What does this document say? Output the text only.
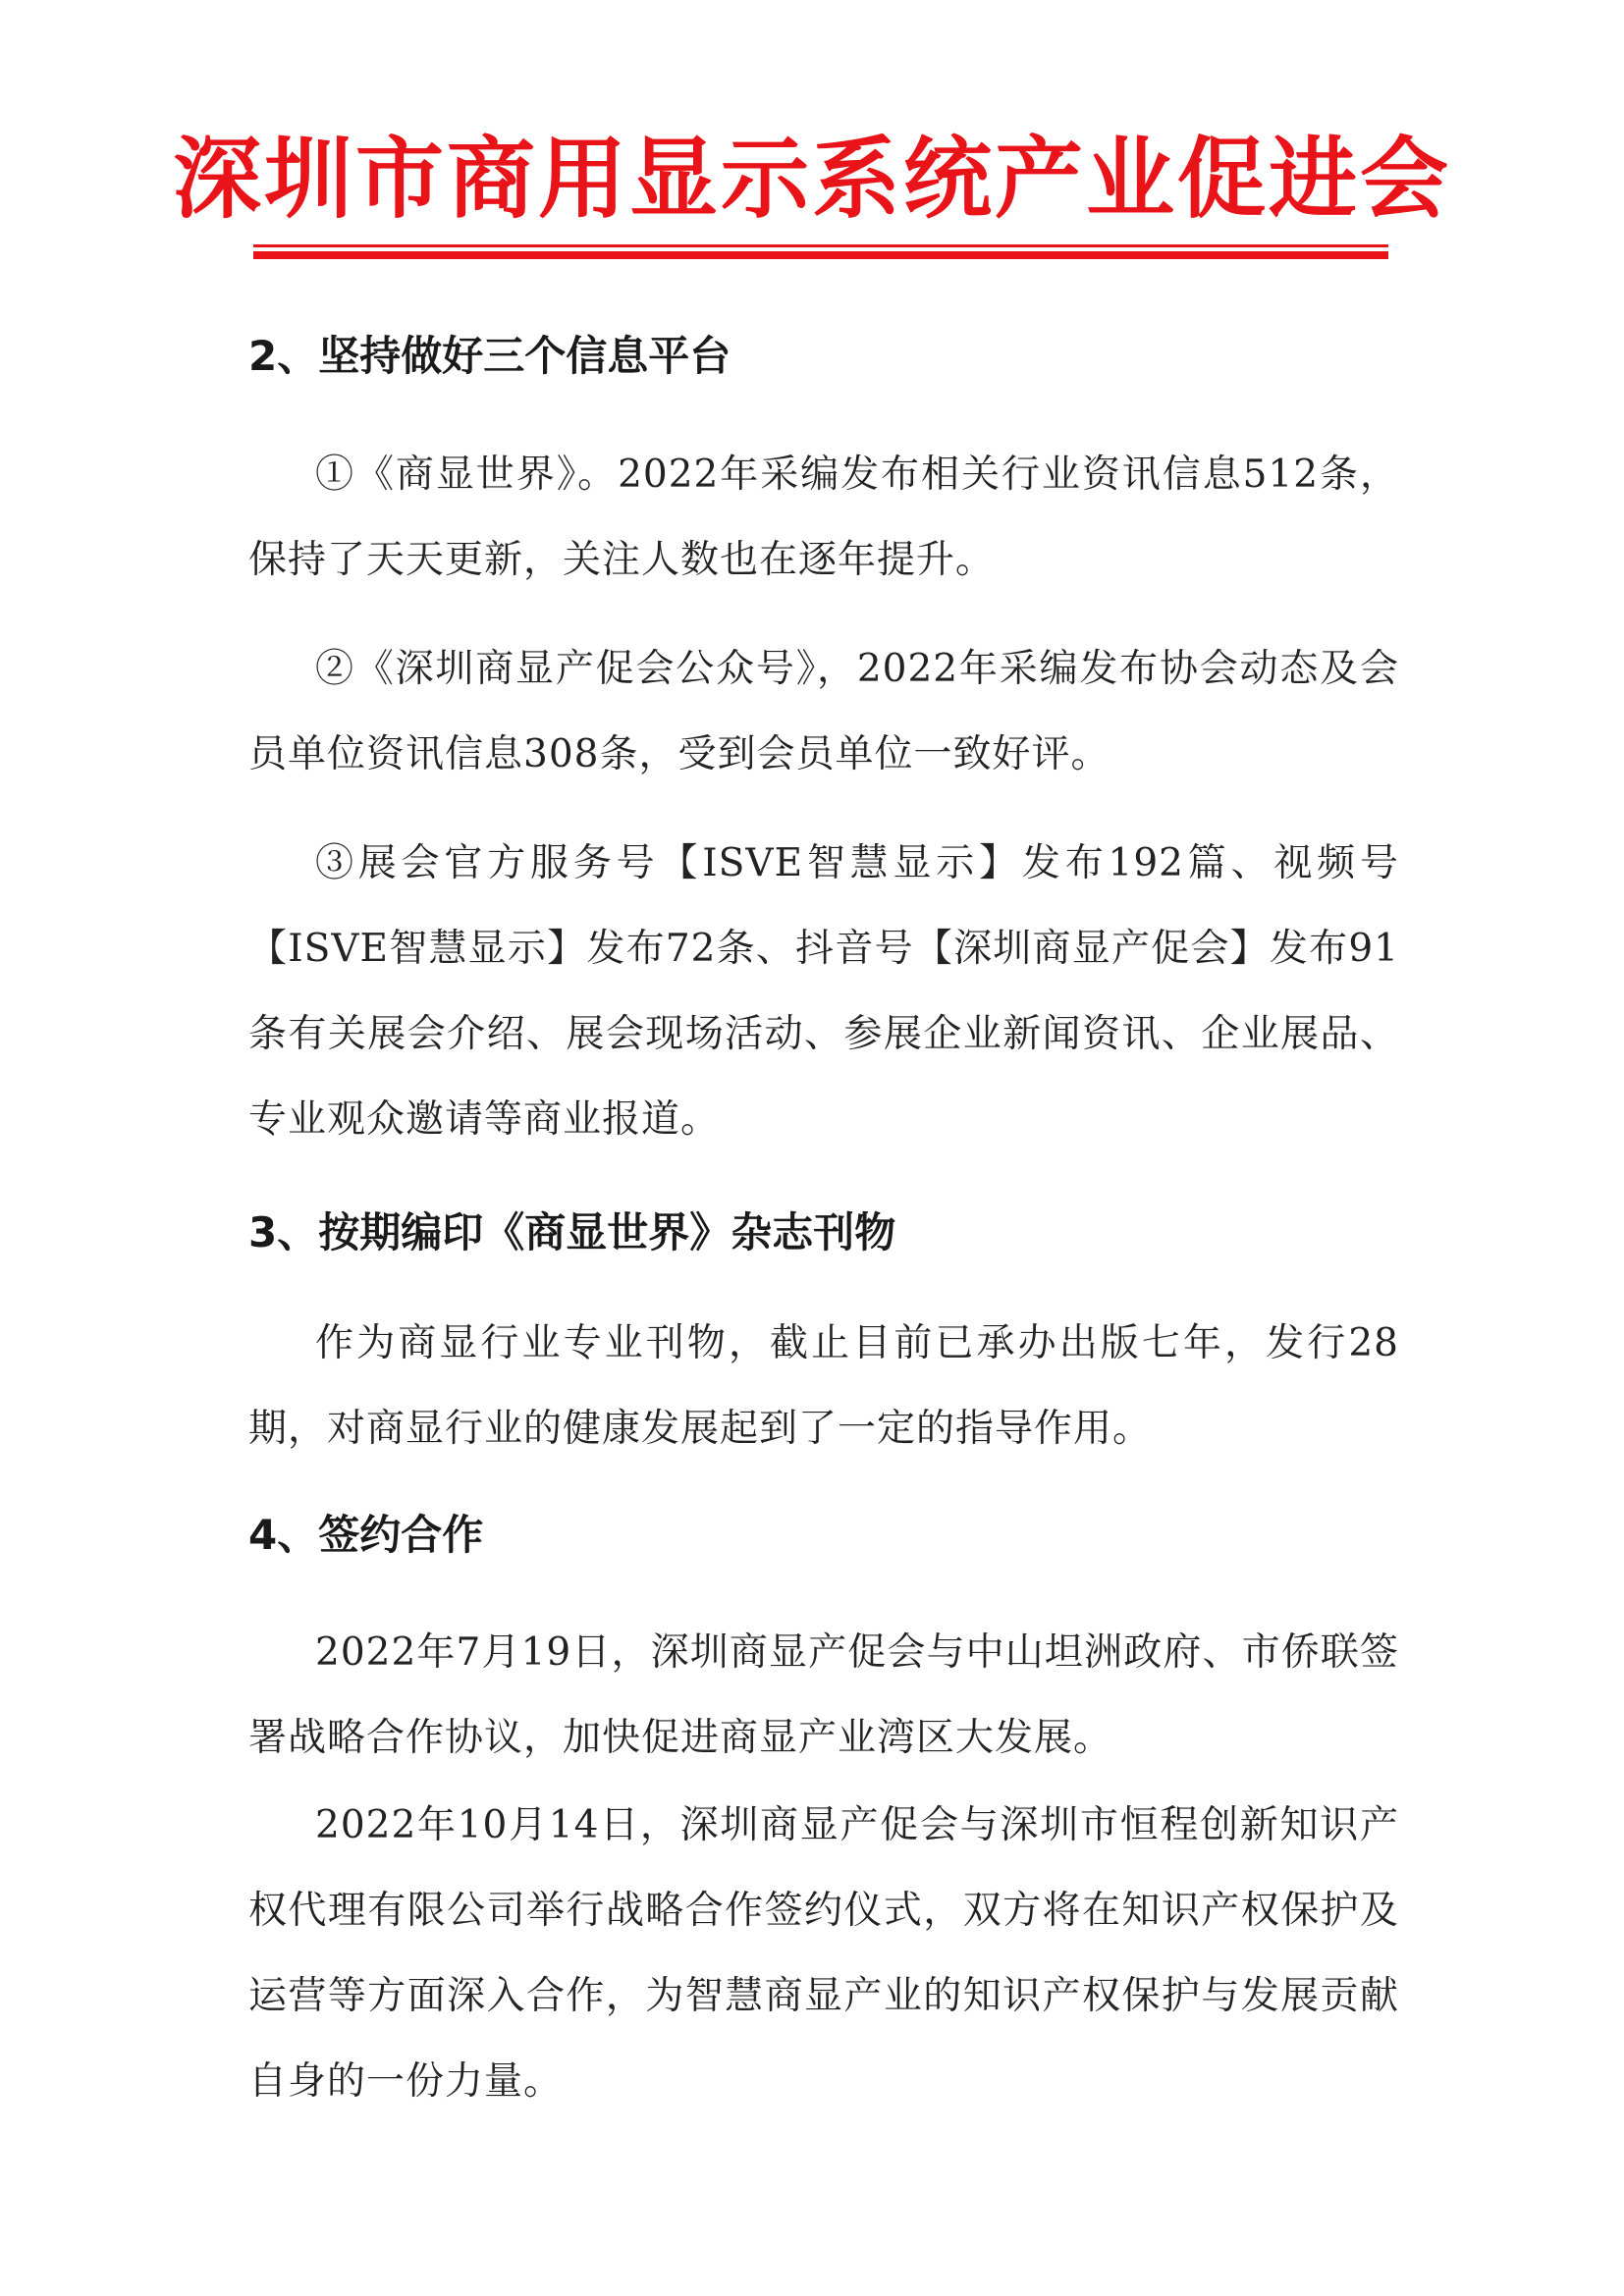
深圳市商用显示系统产业促进会
2、坚持做好三个信息平台
①《商显世界》。2022年采编发布相关行业资讯信息512条，保持了天天更新，关注人数也在逐年提升。
②《深圳商显产促会公众号》，2022年采编发布协会动态及会员单位资讯信息308条，受到会员单位一致好评。
③展会官方服务号【ISVE智慧显示】发布192篇、视频号【ISVE智慧显示】发布72条、抖音号【深圳商显产促会】发布91条有关展会介绍、展会现场活动、参展企业新闻资讯、企业展品、专业观众邀请等商业报道。
3、按期编印《商显世界》杂志刊物
作为商显行业专业刊物，截止目前已承办出版七年，发行28期，对商显行业的健康发展起到了一定的指导作用。
4、签约合作
2022年7月19日，深圳商显产促会与中山坦洲政府、市侨联签署战略合作协议，加快促进商显产业湾区大发展。
2022年10月14日，深圳商显产促会与深圳市恒程创新知识产权代理有限公司举行战略合作签约仪式，双方将在知识产权保护及运营等方面深入合作，为智慧商显产业的知识产权保护与发展贡献自身的一份力量。
